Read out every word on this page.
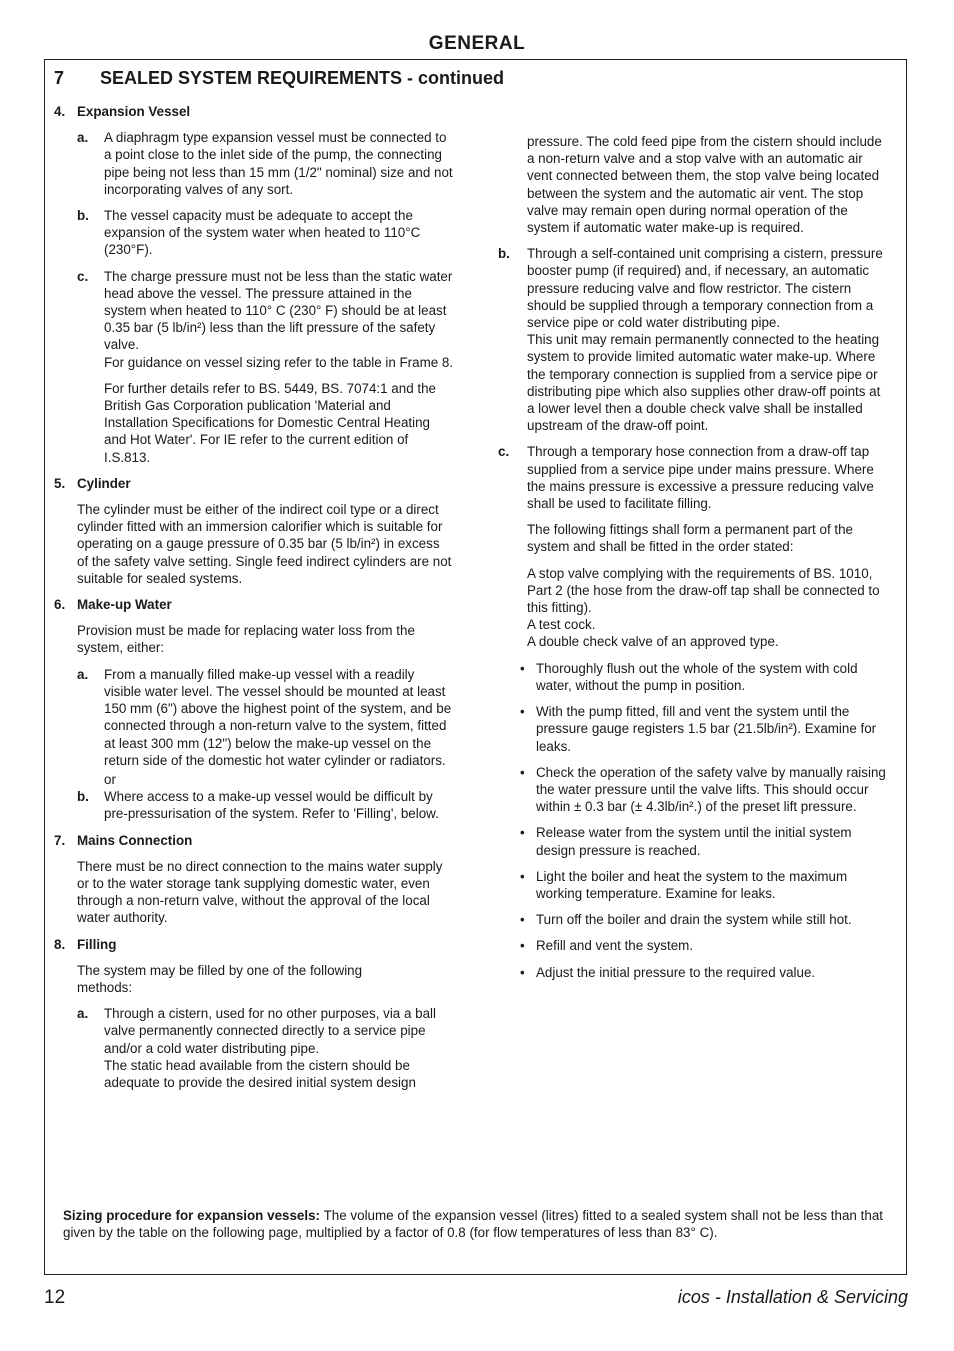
GENERAL
7 SEALED SYSTEM REQUIREMENTS - continued
4. Expansion Vessel
a. A diaphragm type expansion vessel must be connected to a point close to the inlet side of the pump, the connecting pipe being not less than 15 mm (1/2" nominal) size and not incorporating valves of any sort.
b. The vessel capacity must be adequate to accept the expansion of the system water when heated to 110°C (230°F).
c. The charge pressure must not be less than the static water head above the vessel. The pressure attained in the system when heated to 110° C (230° F) should be at least 0.35 bar (5 lb/in²) less than the lift pressure of the safety valve.

For guidance on vessel sizing refer to the table in Frame 8.

For further details refer to BS. 5449, BS. 7074:1 and the British Gas Corporation publication 'Material and Installation Specifications for Domestic Central Heating and Hot Water'. For IE refer to the current edition of I.S.813.

5. Cylinder

The cylinder must be either of the indirect coil type or a direct cylinder fitted with an immersion calorifier which is suitable for operating on a gauge pressure of 0.35 bar (5 lb/in²) in excess of the safety valve setting. Single feed indirect cylinders are not suitable for sealed systems.

6. Make-up Water

Provision must be made for replacing water loss from the system, either:

a. From a manually filled make-up vessel with a readily visible water level. The vessel should be mounted at least 150 mm (6") above the highest point of the system, and be connected through a non-return valve to the system, fitted at least 300 mm (12") below the make-up vessel on the return side of the domestic hot water cylinder or radiators.

or

b. Where access to a make-up vessel would be difficult by pre-pressurisation of the system. Refer to 'Filling', below.
7. Mains Connection

There must be no direct connection to the mains water supply or to the water storage tank supplying domestic water, even through a non-return valve, without the approval of the local water authority.

8. Filling

The system may be filled by one of the following methods:

a. Through a cistern, used for no other purposes, via a ball valve permanently connected directly to a service pipe and/or a cold water distributing pipe.

The static head available from the cistern should be adequate to provide the desired initial system design

pressure. The cold feed pipe from the cistern should include a non-return valve and a stop valve with an automatic air vent connected between them, the stop valve being located between the system and the automatic air vent. The stop valve may remain open during normal operation of the system if automatic water make-up is required.

b. Through a self-contained unit comprising a cistern, pressure booster pump (if required) and, if necessary, an automatic pressure reducing valve and flow restrictor. The cistern should be supplied through a temporary connection from a service pipe or cold water distributing pipe.

This unit may remain permanently connected to the heating system to provide limited automatic water make-up. Where the temporary connection is supplied from a service pipe or distributing pipe which also supplies other draw-off points at a lower level then a double check valve shall be installed upstream of the draw-off point.

c. Through a temporary hose connection from a draw-off tap supplied from a service pipe under mains pressure. Where the mains pressure is excessive a pressure reducing valve shall be used to facilitate filling.

The following fittings shall form a permanent part of the system and shall be fitted in the order stated:

A stop valve complying with the requirements of BS. 1010, Part 2 (the hose from the draw-off tap shall be connected to this fitting).

A test cock.

A double check valve of an approved type.

• Thoroughly flush out the whole of the system with cold water, without the pump in position.
• With the pump fitted, fill and vent the system until the pressure gauge registers 1.5 bar (21.5lb/in²). Examine for leaks.
• Check the operation of the safety valve by manually raising the water pressure until the valve lifts. This should occur within ± 0.3 bar (± 4.3lb/in².) of the preset lift pressure.
• Release water from the system until the initial system design pressure is reached.
• Light the boiler and heat the system to the maximum working temperature. Examine for leaks.
• Turn off the boiler and drain the system while still hot.
• Refill and vent the system.
• Adjust the initial pressure to the required value.
Sizing procedure for expansion vessels: The volume of the expansion vessel (litres) fitted to a sealed system shall not be less than that given by the table on the following page, multiplied by a factor of 0.8 (for flow temperatures of less than 83° C).
12	icos - Installation & Servicing
